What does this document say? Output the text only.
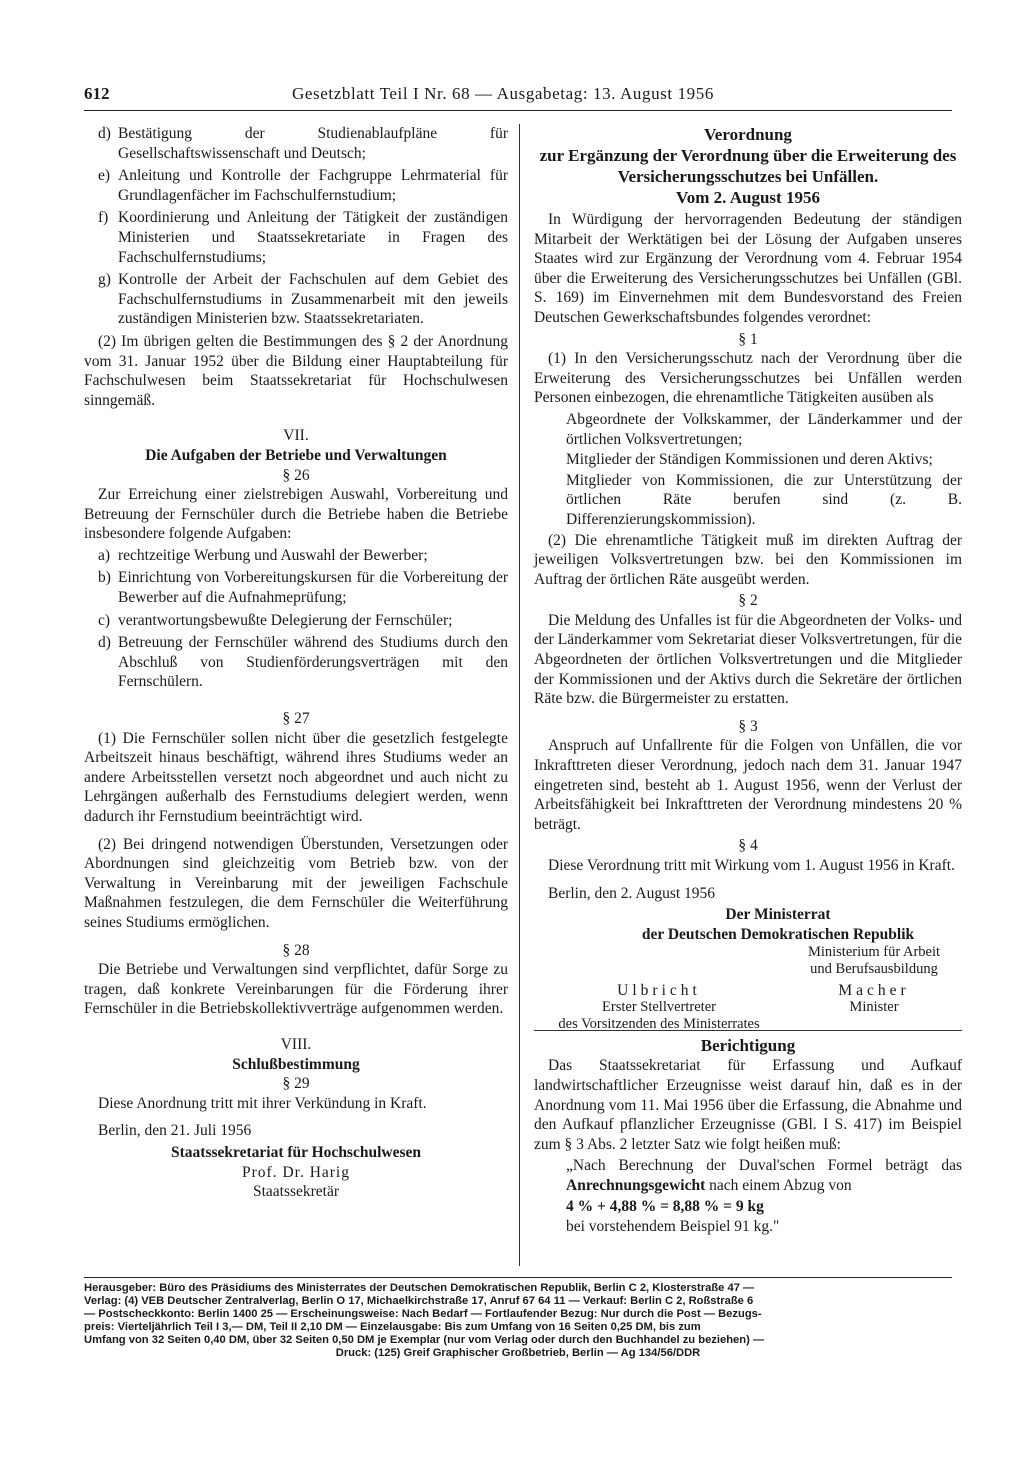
612	Gesetzblatt Teil I Nr. 68 — Ausgabetag: 13. August 1956
d) Bestätigung der Studienablaufpläne für Gesellschaftswissenschaft und Deutsch;
e) Anleitung und Kontrolle der Fachgruppe Lehrmaterial für Grundlagenfächer im Fachschulfernstudium;
f) Koordinierung und Anleitung der Tätigkeit der zuständigen Ministerien und Staatssekretariate in Fragen des Fachschulfernstudiums;
g) Kontrolle der Arbeit der Fachschulen auf dem Gebiet des Fachschulfernstudiums in Zusammenarbeit mit den jeweils zuständigen Ministerien bzw. Staatssekretariaten.

(2) Im übrigen gelten die Bestimmungen des § 2 der Anordnung vom 31. Januar 1952 über die Bildung einer Hauptabteilung für Fachschulwesen beim Staatssekretariat für Hochschulwesen sinngemäß.

VII.

Die Aufgaben der Betriebe und Verwaltungen

§ 26

Zur Erreichung einer zielstrebigen Auswahl, Vorbereitung und Betreuung der Fernschüler durch die Betriebe haben die Betriebe insbesondere folgende Aufgaben:

a) rechtzeitige Werbung und Auswahl der Bewerber;
b) Einrichtung von Vorbereitungskursen für die Vorbereitung der Bewerber auf die Aufnahmeprüfung;
c) verantwortungsbewußte Delegierung der Fernschüler;
d) Betreuung der Fernschüler während des Studiums durch den Abschluß von Studienförderungsverträgen mit den Fernschülern.

§ 27

(1) Die Fernschüler sollen nicht über die gesetzlich festgelegte Arbeitszeit hinaus beschäftigt, während ihres Studiums weder an andere Arbeitsstellen versetzt noch abgeordnet und auch nicht zu Lehrgängen außerhalb des Fernstudiums delegiert werden, wenn dadurch ihr Fernstudium beeinträchtigt wird.

(2) Bei dringend notwendigen Überstunden, Versetzungen oder Abordnungen sind gleichzeitig vom Betrieb bzw. von der Verwaltung in Vereinbarung mit der jeweiligen Fachschule Maßnahmen festzulegen, die dem Fernschüler die Weiterführung seines Studiums ermöglichen.

§ 28

Die Betriebe und Verwaltungen sind verpflichtet, dafür Sorge zu tragen, daß konkrete Vereinbarungen für die Förderung ihrer Fernschüler in die Betriebskollektivverträge aufgenommen werden.

VIII.

Schlußbestimmung

§ 29

Diese Anordnung tritt mit ihrer Verkündung in Kraft.

Berlin, den 21. Juli 1956

Staatssekretariat für Hochschulwesen

Prof. Dr. Harig

Staatssekretär

Verordnung

zur Ergänzung der Verordnung über die Erweiterung des Versicherungsschutzes bei Unfällen.

Vom 2. August 1956

In Würdigung der hervorragenden Bedeutung der ständigen Mitarbeit der Werktätigen bei der Lösung der Aufgaben unseres Staates wird zur Ergänzung der Verordnung vom 4. Februar 1954 über die Erweiterung des Versicherungsschutzes bei Unfällen (GBl. S. 169) im Einvernehmen mit dem Bundesvorstand des Freien Deutschen Gewerkschaftsbundes folgendes verordnet:

§ 1

(1) In den Versicherungsschutz nach der Verordnung über die Erweiterung des Versicherungsschutzes bei Unfällen werden Personen einbezogen, die ehrenamtliche Tätigkeiten ausüben als

Abgeordnete der Volkskammer, der Länderkammer und der örtlichen Volksvertretungen;

Mitglieder der Ständigen Kommissionen und deren Aktivs;

Mitglieder von Kommissionen, die zur Unterstützung der örtlichen Räte berufen sind (z. B. Differenzierungskommission).

(2) Die ehrenamtliche Tätigkeit muß im direkten Auftrag der jeweiligen Volksvertretungen bzw. bei den Kommissionen im Auftrag der örtlichen Räte ausgeübt werden.

§ 2

Die Meldung des Unfalles ist für die Abgeordneten der Volks- und der Länderkammer vom Sekretariat dieser Volksvertretungen, für die Abgeordneten der örtlichen Volksvertretungen und die Mitglieder der Kommissionen und der Aktivs durch die Sekretäre der örtlichen Räte bzw. die Bürgermeister zu erstatten.

§ 3

Anspruch auf Unfallrente für die Folgen von Unfällen, die vor Inkrafttreten dieser Verordnung, jedoch nach dem 31. Januar 1947 eingetreten sind, besteht ab 1. August 1956, wenn der Verlust der Arbeitsfähigkeit bei Inkrafttreten der Verordnung mindestens 20 % beträgt.

§ 4

Diese Verordnung tritt mit Wirkung vom 1. August 1956 in Kraft.

Berlin, den 2. August 1956

Der Ministerrat

der Deutschen Demokratischen Republik

Ministerium für Arbeit
und Berufsausbildung
Ulbricht
Erster Stellvertreter
des Vorsitzenden des Ministerrates
Macher
Minister

Berichtigung

Das Staatssekretariat für Erfassung und Aufkauf landwirtschaftlicher Erzeugnisse weist darauf hin, daß es in der Anordnung vom 11. Mai 1956 über die Erfassung, die Abnahme und den Aufkauf pflanzlicher Erzeugnisse (GBl. I S. 417) im Beispiel zum § 3 Abs. 2 letzter Satz wie folgt heißen muß:

„Nach Berechnung der Duval'schen Formel beträgt das Anrechnungsgewicht nach einem Abzug von

4 % + 4,88 % = 8,88 % = 9 kg

bei vorstehendem Beispiel 91 kg."

Herausgeber: Büro des Präsidiums des Ministerrates der Deutschen Demokratischen Republik, Berlin C 2, Klosterstraße 47 —

Verlag: (4) VEB Deutscher Zentralverlag, Berlin O 17, Michaelkirchstraße 17, Anruf 67 64 11 — Verkauf: Berlin C 2, Roßstraße 6

— Postscheckkonto: Berlin 1400 25 — Erscheinungsweise: Nach Bedarf — Fortlaufender Bezug: Nur durch die Post — Bezugs-

preis: Vierteljährlich Teil I 3,— DM, Teil II 2,10 DM — Einzelausgabe: Bis zum Umfang von 16 Seiten 0,25 DM, bis zum

Umfang von 32 Seiten 0,40 DM, über 32 Seiten 0,50 DM je Exemplar (nur vom Verlag oder durch den Buchhandel zu beziehen) —

Druck: (125) Greif Graphischer Großbetrieb, Berlin — Ag 134/56/DDR
